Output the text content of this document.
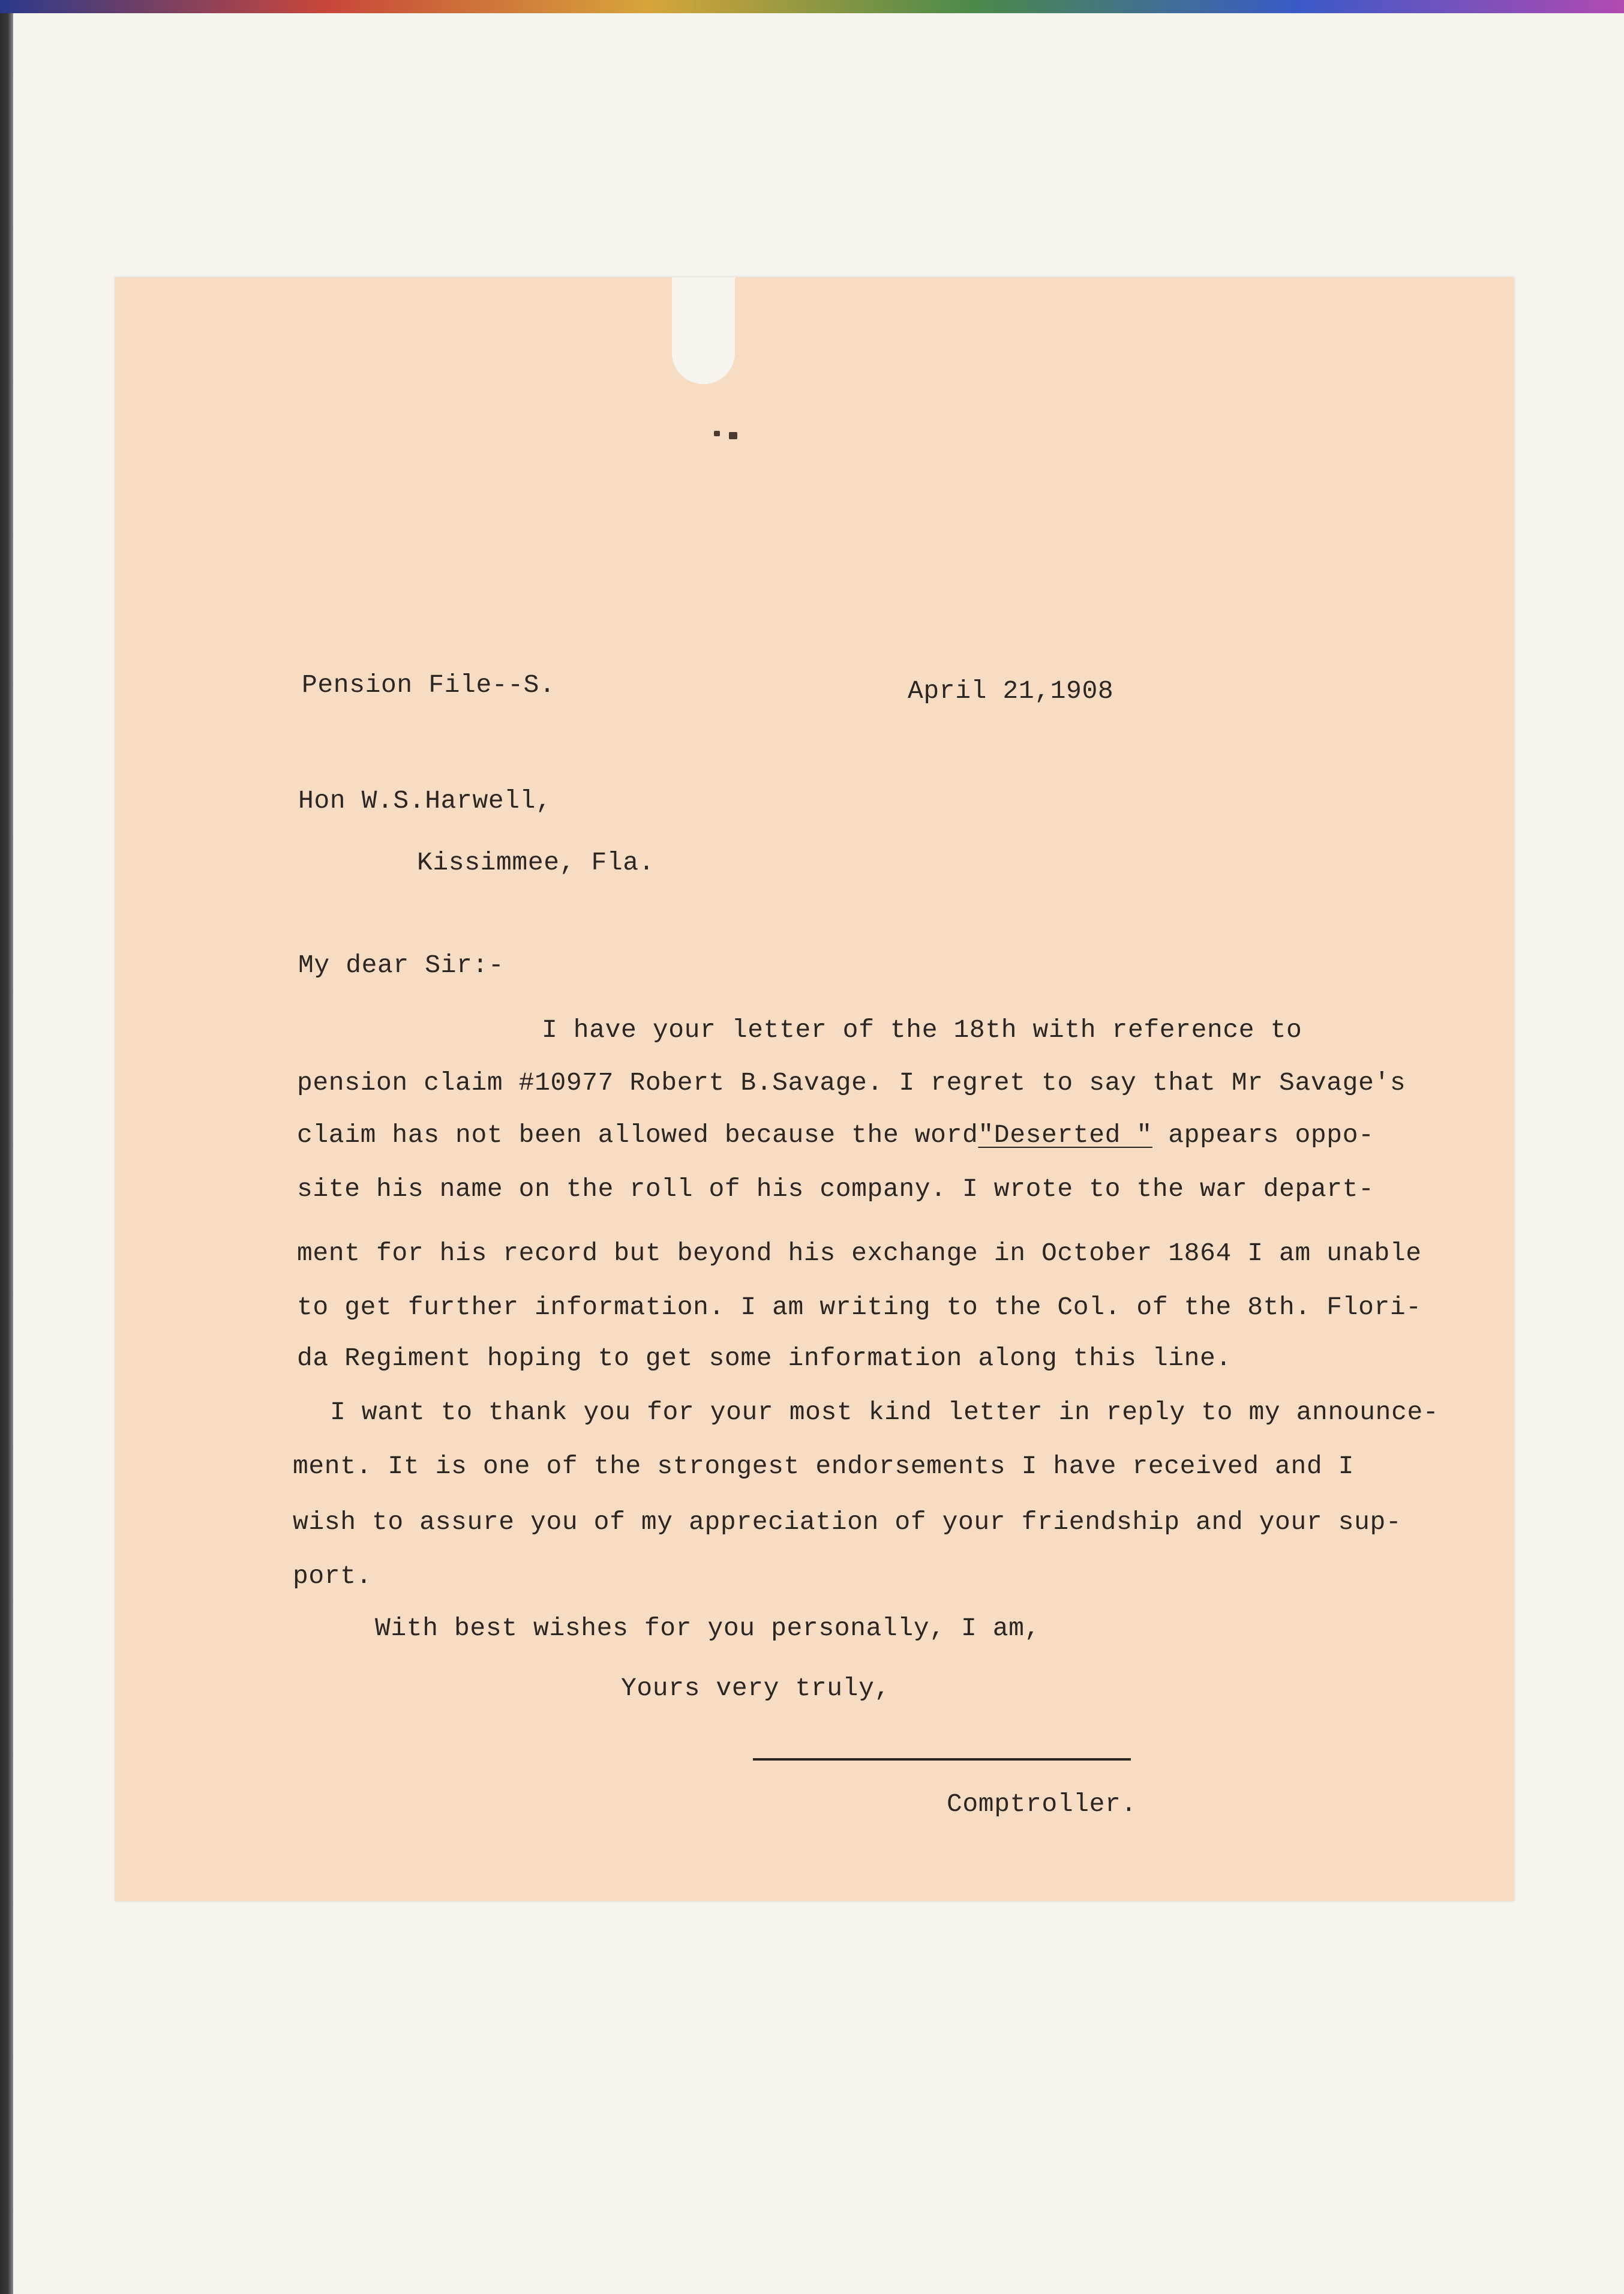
Pension File--S.	April 21,1908

Hon W.S.Harwell,

Kissimmee, Fla.

My dear Sir:-

I have your letter of the 18th with reference to

pension claim #10977 Robert B.Savage. I regret to say that Mr Savage's

claim has not been allowed because the word"Deserted " appears oppo-

site his name on the roll of his company. I wrote to the war depart-

ment for his record but beyond his exchange in October 1864 I am unable

to get further information. I am writing to the Col. of the 8th. Flori-

da Regiment hoping to get some information along this line.

I want to thank you for your most kind letter in reply to my announce-

ment. It is one of the strongest endorsements I have received and I

wish to assure you of my appreciation of your friendship and your sup-

port.

With best wishes for you personally, I am,

Yours very truly,

Comptroller.
